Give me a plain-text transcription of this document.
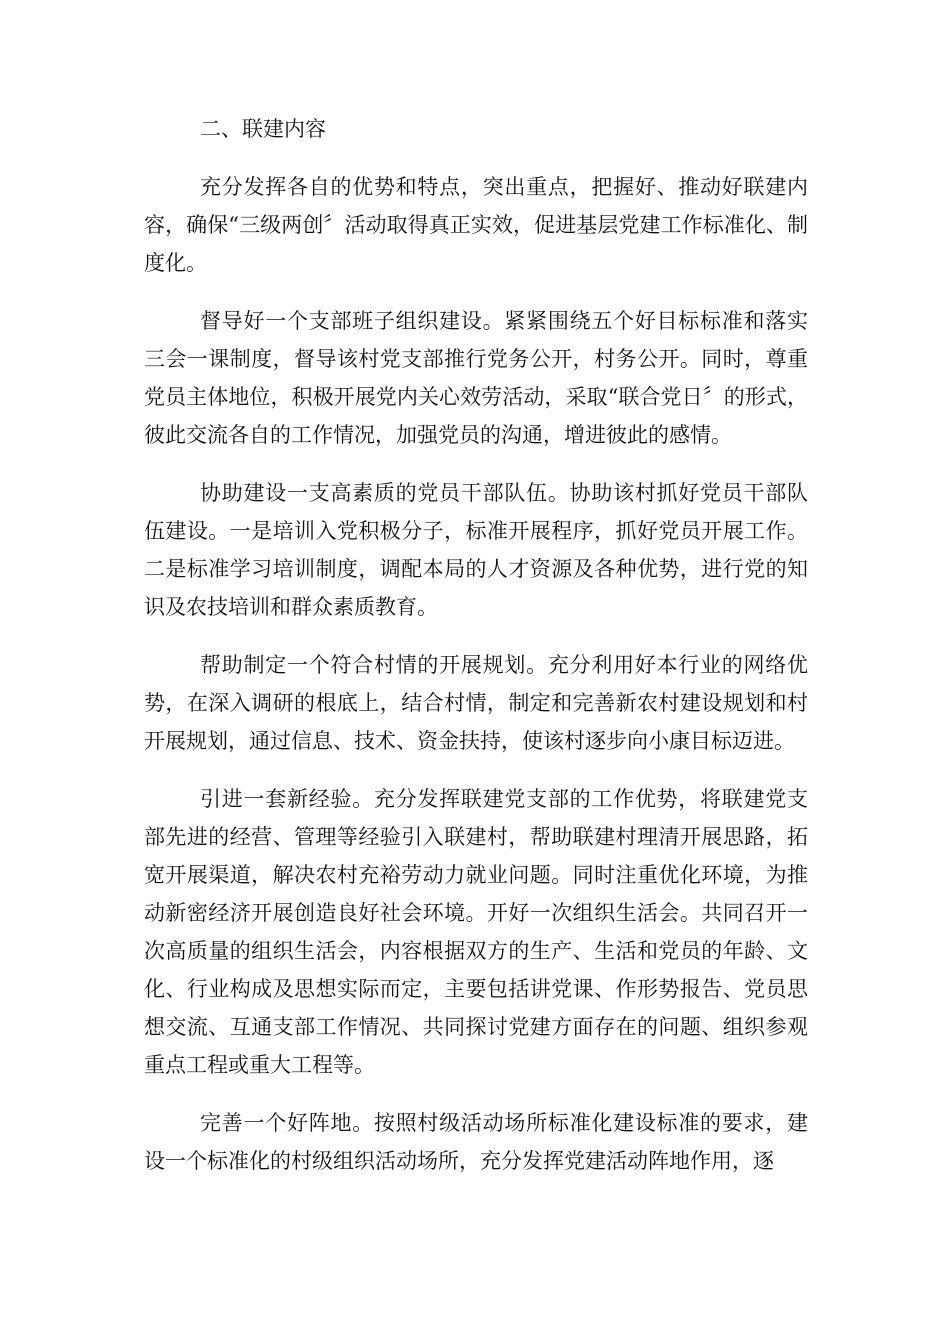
二、联建内容

充分发挥各自的优势和特点，突出重点，把握好、推动好联建内容，确保“三级两创〞活动取得真正实效，促进基层党建工作标准化、制度化。

督导好一个支部班子组织建设。紧紧围绕五个好目标标准和落实三会一课制度，督导该村党支部推行党务公开，村务公开。同时，尊重党员主体地位，积极开展党内关心效劳活动，采取“联合党日〞的形式，彼此交流各自的工作情况，加强党员的沟通，增进彼此的感情。

协助建设一支高素质的党员干部队伍。协助该村抓好党员干部队伍建设。一是培训入党积极分子，标准开展程序，抓好党员开展工作。二是标准学习培训制度，调配本局的人才资源及各种优势，进行党的知识及农技培训和群众素质教育。

帮助制定一个符合村情的开展规划。充分利用好本行业的网络优势，在深入调研的根底上，结合村情，制定和完善新农村建设规划和村开展规划，通过信息、技术、资金扶持，使该村逐步向小康目标迈进。

引进一套新经验。充分发挥联建党支部的工作优势，将联建党支部先进的经营、管理等经验引入联建村，帮助联建村理清开展思路，拓宽开展渠道，解决农村充裕劳动力就业问题。同时注重优化环境，为推动新密经济开展创造良好社会环境。开好一次组织生活会。共同召开一次高质量的组织生活会，内容根据双方的生产、生活和党员的年龄、文化、行业构成及思想实际而定，主要包括讲党课、作形势报告、党员思想交流、互通支部工作情况、共同探讨党建方面存在的问题、组织参观重点工程或重大工程等。

完善一个好阵地。按照村级活动场所标准化建设标准的要求，建设一个标准化的村级组织活动场所，充分发挥党建活动阵地作用，逐
